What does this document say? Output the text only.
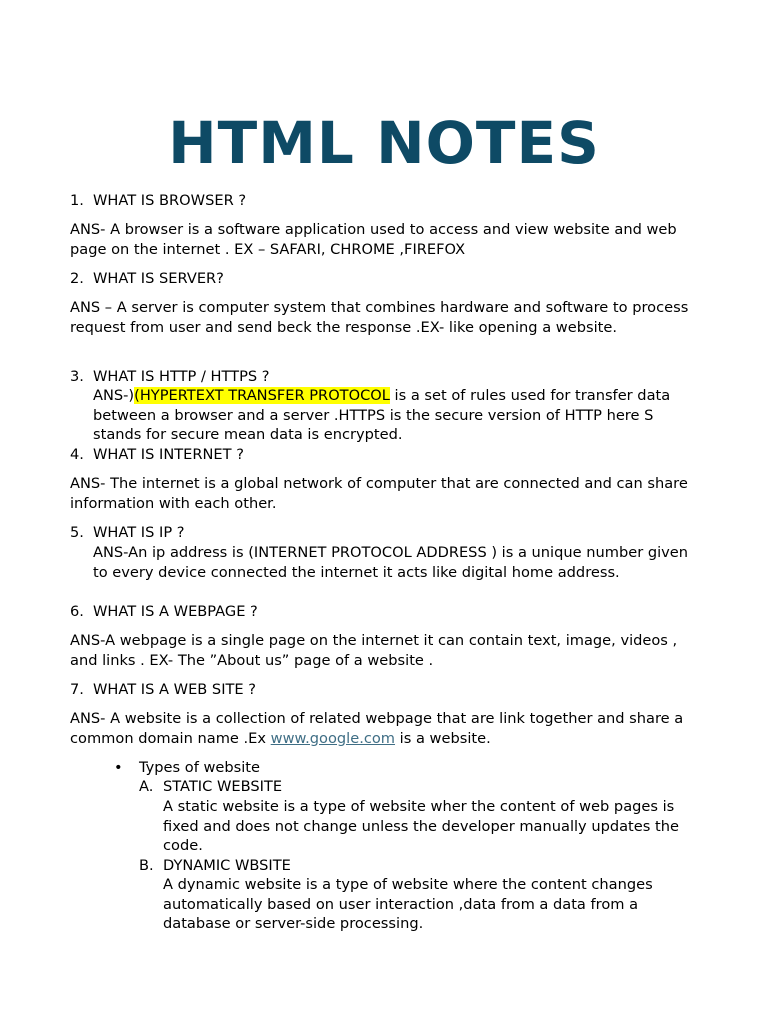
HTML NOTES
1. WHAT IS BROWSER ?
ANS- A browser is a software application used to access and view website and web page on the internet . EX – SAFARI, CHROME ,FIREFOX
2. WHAT IS SERVER?
ANS – A server is computer system that combines hardware and software to process request from user and send beck the response .EX- like opening a website.
3. WHAT IS HTTP / HTTPS ?
ANS-)(HYPERTEXT TRANSFER PROTOCOL is a set of rules used for transfer data between a browser and a server .HTTPS is the secure version of HTTP here S stands for secure mean data is encrypted.
4. WHAT IS INTERNET ?
ANS- The internet is a global network of computer that are connected and can share information with each other.
5. WHAT IS IP ?
ANS-An ip address is (INTERNET PROTOCOL ADDRESS ) is a unique number given to every device connected the internet it acts like digital home address.
6. WHAT IS A WEBPAGE ?
ANS-A webpage is a single page on the internet it can contain text, image, videos , and links . EX- The ”About us” page of a website .
7. WHAT IS A WEB SITE ?
ANS- A website is a collection of related webpage that are link together and share a common domain name .Ex www.google.com is a website.
•	Types of website
A. STATIC WEBSITE
A static website is a type of website wher the content of web pages is fixed and does not change unless the developer manually updates the code.
B. DYNAMIC WBSITE
A dynamic website is a type of website where the content changes automatically based on user interaction ,data from a data from a database or server-side processing.
